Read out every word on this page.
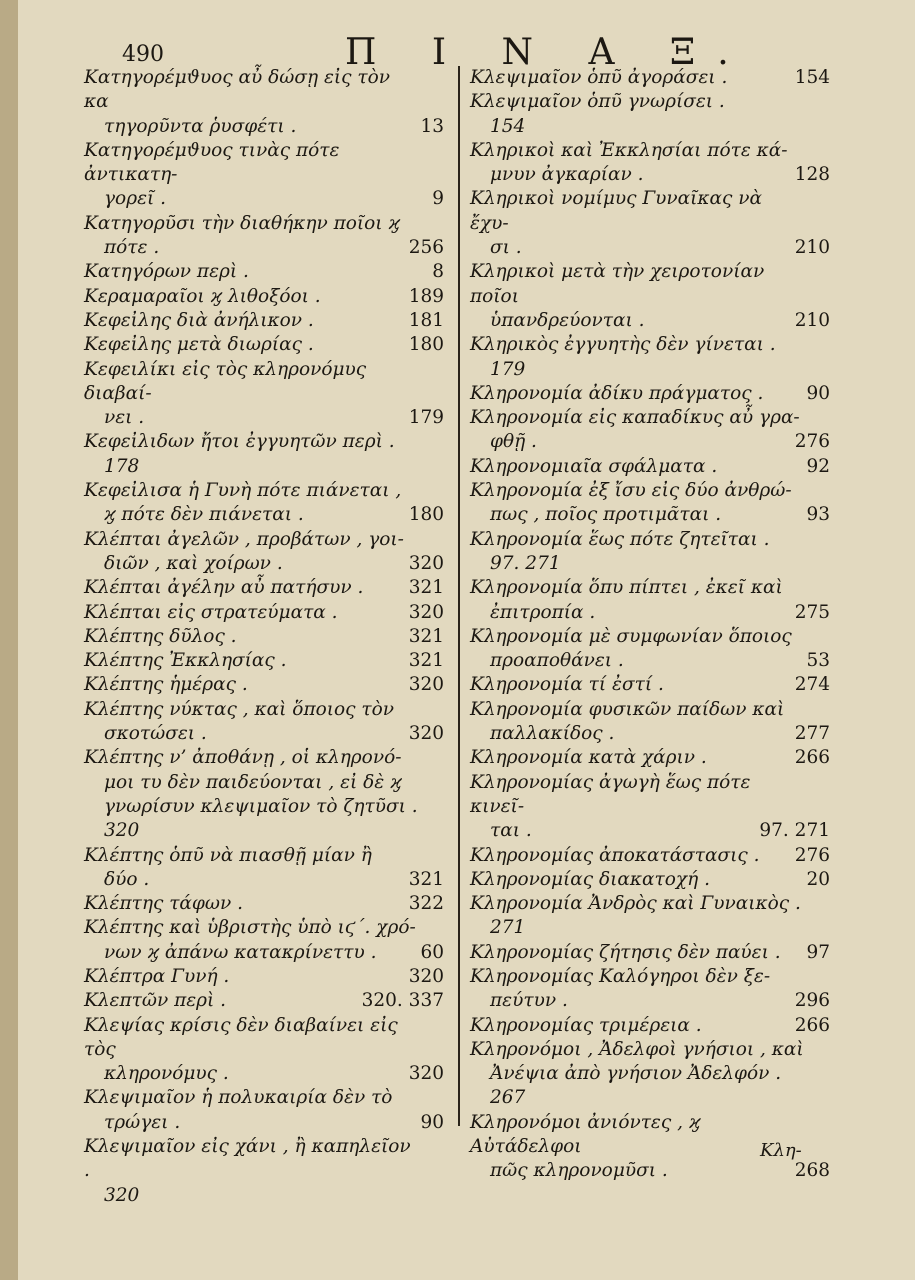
490	Π Ι Ν Α Ξ.
Κατηγορέμϑυος αὖ δώσῃ εἰς τὸν κα
τηγορῦντα ῥυσφέτι .	13
Κατηγορέμϑυος τινὰς πότε ἀντικατη-
γορεῖ .	9
Κατηγορῦσι τὴν διαθήκην ποῖοι ϗ
πότε .	256
Κατηγόρων περὶ .	8
Κεραμαραῖοι ϗ λιθοξόοι .	189
Κεφεἰλης διὰ ἀνήλικον .	181
Κεφεἰλης μετὰ διωρίας .	180
Κεφειλίκι εἰς τὸς κληρονόμυς διαβαί-
νει .	179
Κεφεἰλιδων ἤτοι ἐγγυητῶν περὶ .
178
Κεφεἰλισα ἡ Γυνὴ πότε πιάνεται ,
ϗ πότε δὲν πιάνεται .	180
Κλέπται ἀγελῶν , προβάτων , γοι-
διῶν , καὶ χοίρων .	320
Κλέπται ἀγέλην αὖ πατήσυν .	321
Κλέπται εἰς στρατεύματα .	320
Κλέπτης δῦλος .	321
Κλέπτης Ἐκκλησίας .	321
Κλέπτης ἡμέρας .	320
Κλέπτης νύκτας , καὶ ὅποιος τὸν
σκοτώσει .	320
Κλέπτης ν’ ἀποθάνῃ , οἱ κληρονό-
μοι τυ δὲν παιδεύονται , εἰ δὲ ϗ
γνωρίσυν κλεψιμαῖον τὸ ζητῦσι .
320
Κλέπτης ὁπῦ νὰ πιασθῇ μίαν ἢ
δύο .	321
Κλέπτης τάφων .	322
Κλέπτης καὶ ὑβριστὴς ὑπὸ ιϛ΄. χρό-
νων ϗ ἀπάνω κατακρίνεττυ .	60
Κλέπτρα Γυνή .	320
Κλεπτῶν περὶ .	320. 337
Κλεψίας κρίσις δὲν διαβαίνει εἰς τὸς
κληρονόμυς .	320
Κλεψιμαῖον ἡ πολυκαιρία δὲν τὸ
τρώγει .	90
Κλεψιμαῖον εἰς χάνι , ἢ καπηλεῖον .
320
Κλεψιμαῖον ὁπῦ ἀγοράσει .	154
Κλεψιμαῖον ὁπῦ γνωρίσει .
154
Κληρικοὶ καὶ Ἐκκλησίαι πότε κά-
μνυν ἀγκαρίαν .	128
Κληρικοὶ νομίμυς Γυναῖκας νὰ ἔχυ-
σι .	210
Κληρικοὶ μετὰ τὴν χειροτονίαν ποῖοι
ὑπανδρεύονται .	210
Κληρικὸς ἐγγυητὴς δὲν γίνεται .
179
Κληρονομία ἀδίκυ πράγματος .	90
Κληρονομία εἰς καπαδίκυς αὖ γρα-
φθῇ .	276
Κληρονομιαῖα σφάλματα .	92
Κληρονομία ἐξ ἴσυ εἰς δύο ἀνθρώ-
πως , ποῖος προτιμᾶται .	93
Κληρονομία ἕως πότε ζητεῖται .
97. 271
Κληρονομία ὅπυ πίπτει , ἐκεῖ καὶ
ἐπιτροπία .	275
Κληρονομία μὲ συμφωνίαν ὅποιος
προαποθάνει .	53
Κληρονομία τί ἐστί .	274
Κληρονομία φυσικῶν παίδων καὶ
παλλακίδος .	277
Κληρονομία κατὰ χάριν .	266
Κληρονομίας ἀγωγὴ ἕως πότε κινεῖ-
ται .	97. 271
Κληρονομίας ἀποκατάστασις .	276
Κληρονομίας διακατοχή .	20
Κληρονομία Ἀνδρὸς καὶ Γυναικὸς .
271
Κληρονομίας ζήτησις δὲν παύει .	97
Κληρονομίας Καλόγηροι δὲν ξε-
πεύτυν .	296
Κληρονομίας τριμέρεια .	266
Κληρονόμοι , Ἀδελφοὶ γνήσιοι , καὶ
Ἀνέψια ἀπὸ γνήσιον Ἀδελφόν .
267
Κληρονόμοι ἀνιόντες , ϗ Αὐτάδελφοι
πῶς κληρονομῦσι .	268
Κλη-
